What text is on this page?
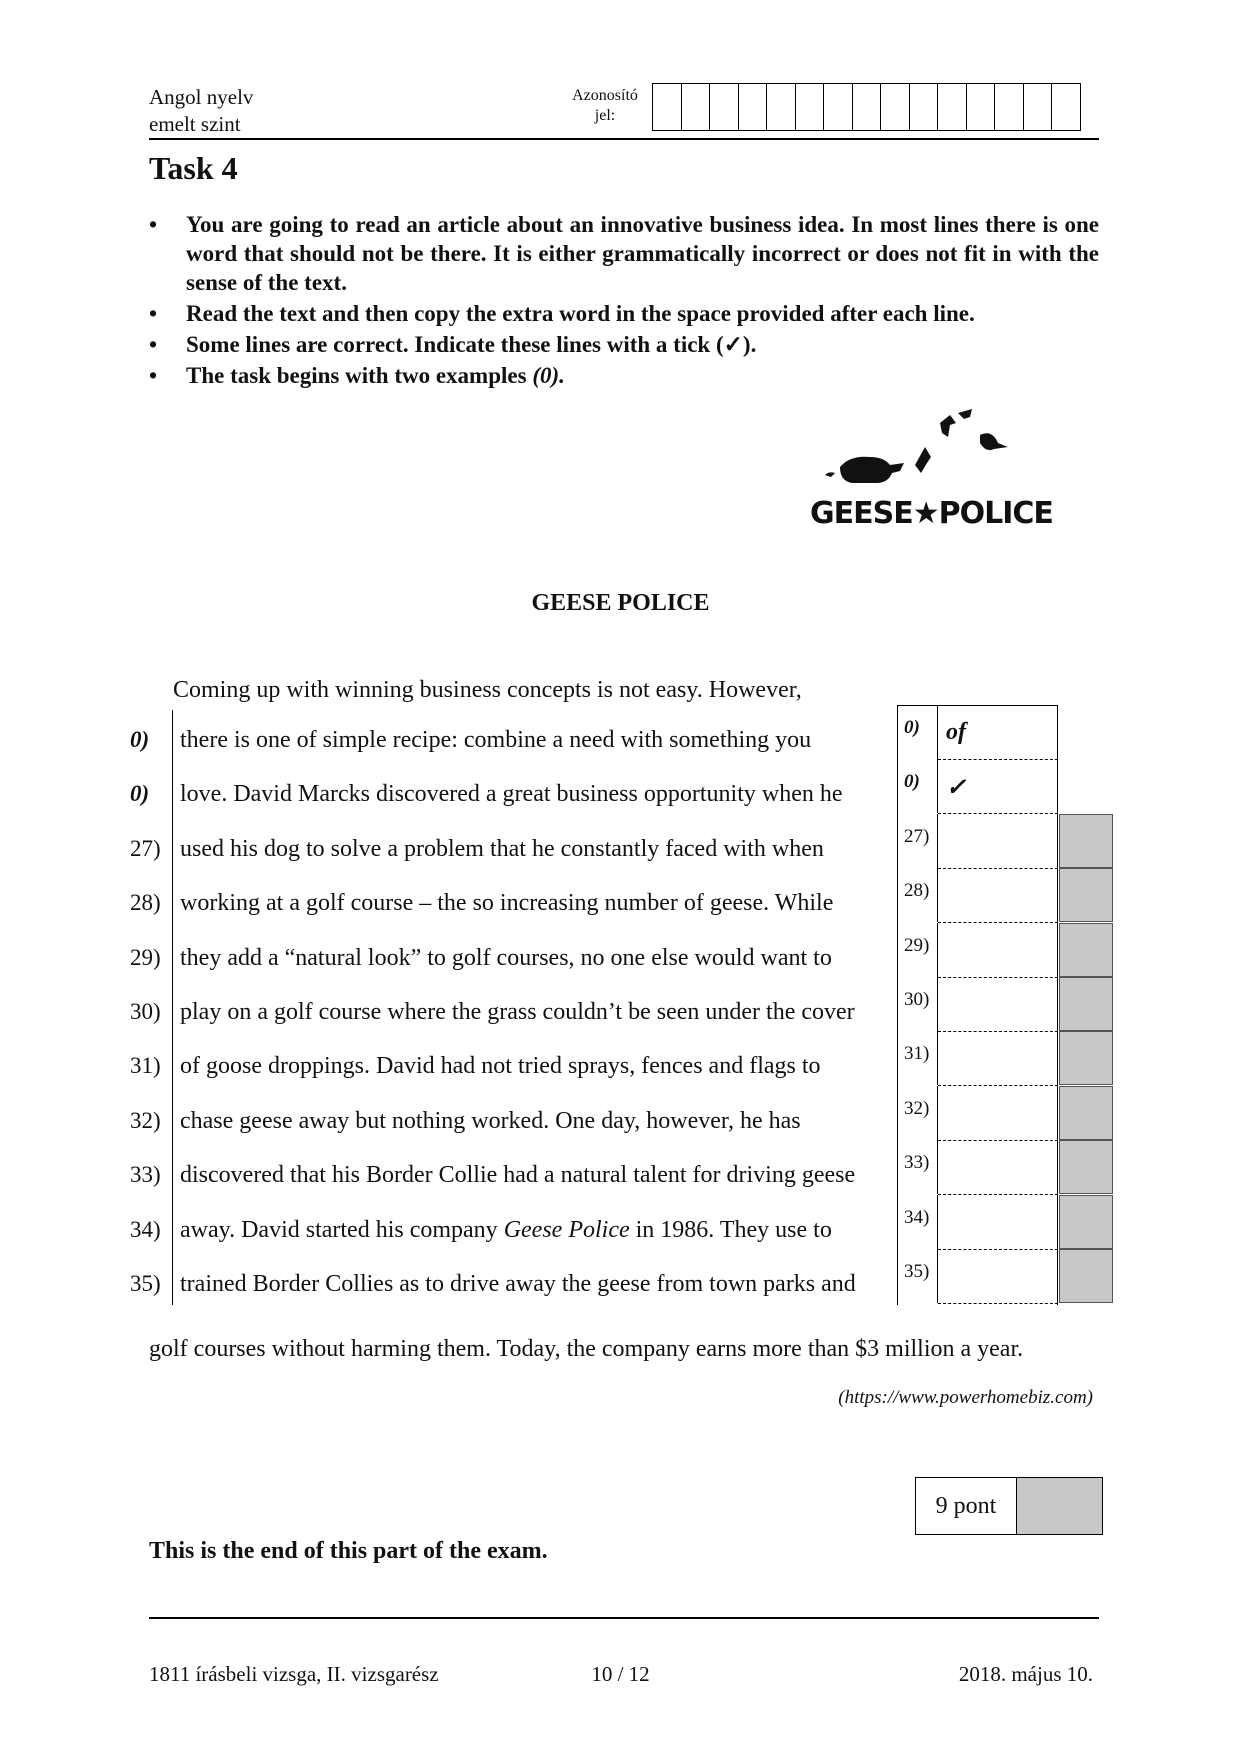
Angol nyelv
emelt szint
Azonosító
jel:
Task 4
• You are going to read an article about an innovative business idea. In most lines there is one word that should not be there. It is either grammatically incorrect or does not fit in with the sense of the text.
• Read the text and then copy the extra word in the space provided after each line.
• Some lines are correct. Indicate these lines with a tick (✓).
• The task begins with two examples (0).
GEESE★POLICE
GEESE POLICE
Coming up with winning business concepts is not easy. However,
0)	there is one of simple recipe: combine a need with something you
0)	love. David Marcks discovered a great business opportunity when he
27) used his dog to solve a problem that he constantly faced with when
28) working at a golf course – the so increasing number of geese. While
29) they add a “natural look” to golf courses, no one else would want to
30) play on a golf course where the grass couldn’t be seen under the cover
31) of goose droppings. David had not tried sprays, fences and flags to
32) chase geese away but nothing worked. One day, however, he has
33) discovered that his Border Collie had a natural talent for driving geese
34) away. David started his company Geese Police in 1986. They use to
35) trained Border Collies as to drive away the geese from town parks and
0) of
0) ✓
27)
28)
29)
30)
31)
32)
33)
34)
35)
golf courses without harming them. Today, the company earns more than $3 million a year.
(https://www.powerhomebiz.com)
9 pont
This is the end of this part of the exam.
1811 írásbeli vizsga, II. vizsgarész	10 / 12	2018. május 10.
